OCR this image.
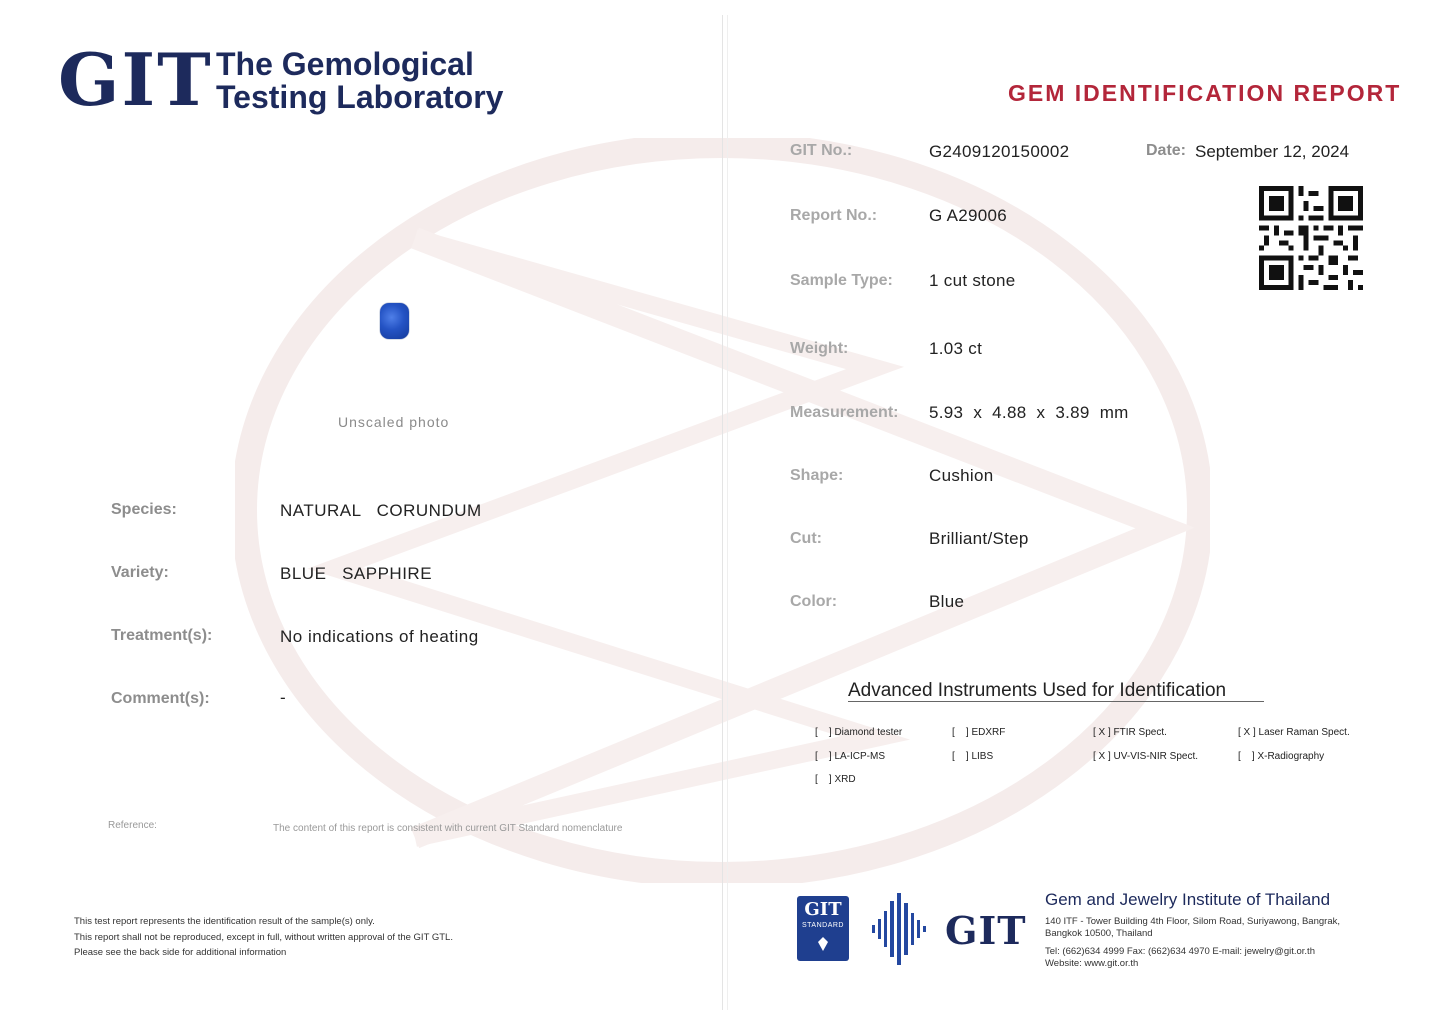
GIT The Gemological
Testing Laboratory	GEM IDENTIFICATION REPORT
Unscaled photo
Species:	NATURAL   CORUNDUM
Variety:	BLUE   SAPPHIRE
Treatment(s):	No indications of heating
Comment(s):	-
Reference:	The content of this report is consistent with current GIT Standard nomenclature
This test report represents the identification result of the sample(s) only.
This report shall not be reproduced, except in full, without written approval of the GIT GTL.
Please see the back side for additional information
GIT No.:	G2409120150002	Date: September 12, 2024
Report No.:	G A29006
Sample Type: 1 cut stone
Weight:	1.03 ct
Measurement: 5.93  x  4.88  x  3.89  mm
Shape:	Cushion
Cut:	Brilliant/Step
Color:	Blue
Advanced Instruments Used for Identification
[    ] Diamond tester	[    ] EDXRF	[ X ] FTIR Spect.	[ X ] Laser Raman Spect.
[    ] LA-ICP-MS	[    ] LIBS	[ X ] UV-VIS-NIR Spect.	[    ] X-Radiography
[    ] XRD
GIT
STANDARD	GIT
Gem and Jewelry Institute of Thailand
140 ITF - Tower Building 4th Floor, Silom Road, Suriyawong, Bangrak,
Bangkok 10500, Thailand
Tel: (662)634 4999 Fax: (662)634 4970 E-mail: jewelry@git.or.th
Website: www.git.or.th
